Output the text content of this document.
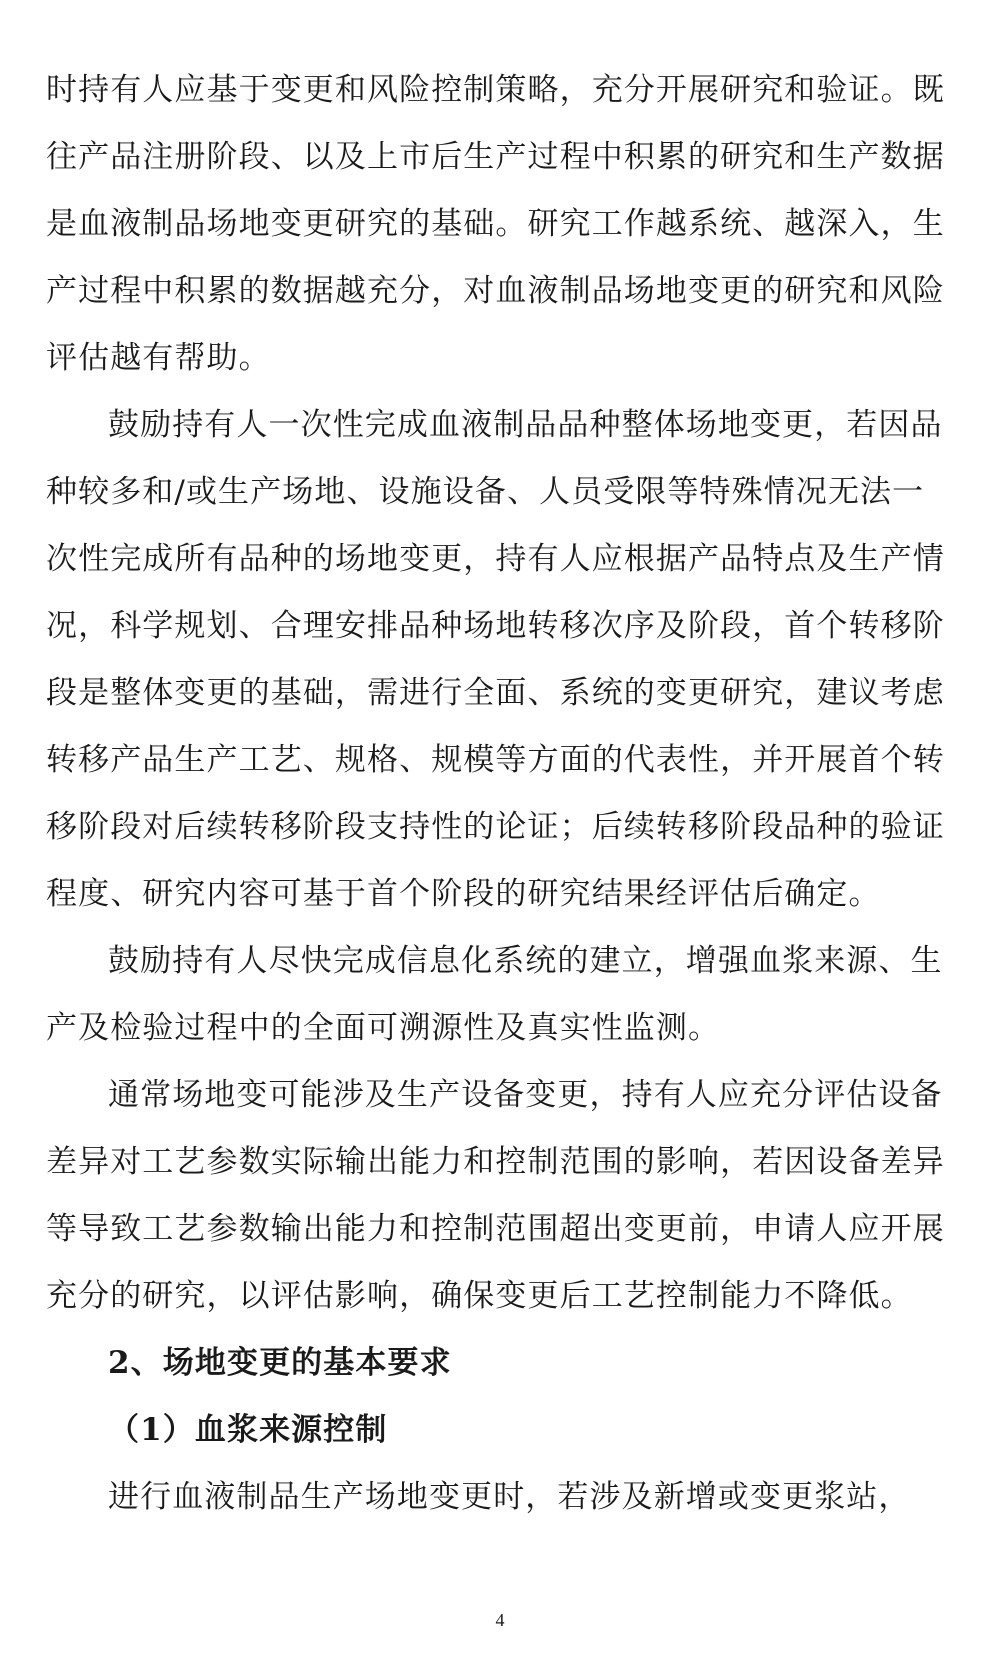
时持有人应基于变更和风险控制策略，充分开展研究和验证。既
往产品注册阶段、以及上市后生产过程中积累的研究和生产数据
是血液制品场地变更研究的基础。研究工作越系统、越深入，生
产过程中积累的数据越充分，对血液制品场地变更的研究和风险
评估越有帮助。
鼓励持有人一次性完成血液制品品种整体场地变更，若因品
种较多和/或生产场地、设施设备、人员受限等特殊情况无法一
次性完成所有品种的场地变更，持有人应根据产品特点及生产情
况，科学规划、合理安排品种场地转移次序及阶段，首个转移阶
段是整体变更的基础，需进行全面、系统的变更研究，建议考虑
转移产品生产工艺、规格、规模等方面的代表性，并开展首个转
移阶段对后续转移阶段支持性的论证；后续转移阶段品种的验证
程度、研究内容可基于首个阶段的研究结果经评估后确定。
鼓励持有人尽快完成信息化系统的建立，增强血浆来源、生
产及检验过程中的全面可溯源性及真实性监测。
通常场地变可能涉及生产设备变更，持有人应充分评估设备
差异对工艺参数实际输出能力和控制范围的影响，若因设备差异
等导致工艺参数输出能力和控制范围超出变更前，申请人应开展
充分的研究，以评估影响，确保变更后工艺控制能力不降低。
2、场地变更的基本要求
（1）血浆来源控制
进行血液制品生产场地变更时，若涉及新增或变更浆站，
4
